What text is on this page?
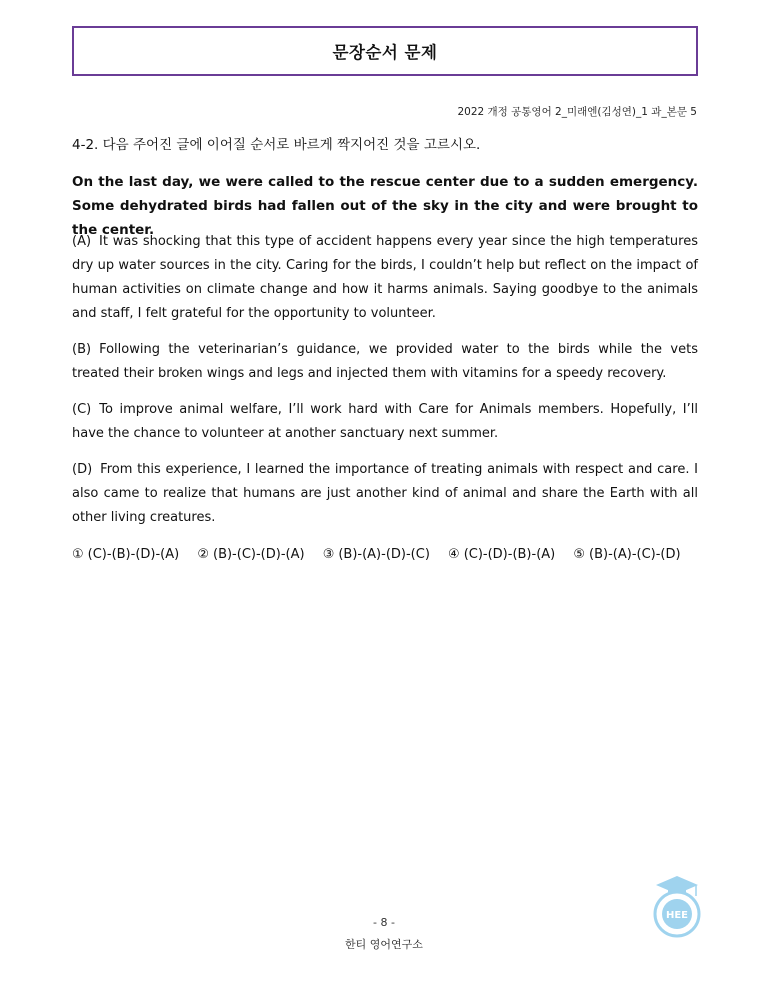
문장순서 문제
2022 개정 공통영어 2_미래엔(김성연)_1 과_본문 5
4-2. 다음 주어진 글에 이어질 순서로 바르게 짝지어진 것을 고르시오.
On the last day, we were called to the rescue center due to a sudden emergency. Some dehydrated birds had fallen out of the sky in the city and were brought to the center.
(A) It was shocking that this type of accident happens every year since the high temperatures dry up water sources in the city. Caring for the birds, I couldn’t help but reflect on the impact of human activities on climate change and how it harms animals. Saying goodbye to the animals and staff, I felt grateful for the opportunity to volunteer.
(B) Following the veterinarian’s guidance, we provided water to the birds while the vets treated their broken wings and legs and injected them with vitamins for a speedy recovery.
(C) To improve animal welfare, I’ll work hard with Care for Animals members. Hopefully, I’ll have the chance to volunteer at another sanctuary next summer.
(D) From this experience, I learned the importance of treating animals with respect and care. I also came to realize that humans are just another kind of animal and share the Earth with all other living creatures.
① (C)-(B)-(D)-(A) ② (B)-(C)-(D)-(A) ③ (B)-(A)-(D)-(C) ④ (C)-(D)-(B)-(A) ⑤ (B)-(A)-(C)-(D)
HEE
- 8 -
한티 영어연구소
